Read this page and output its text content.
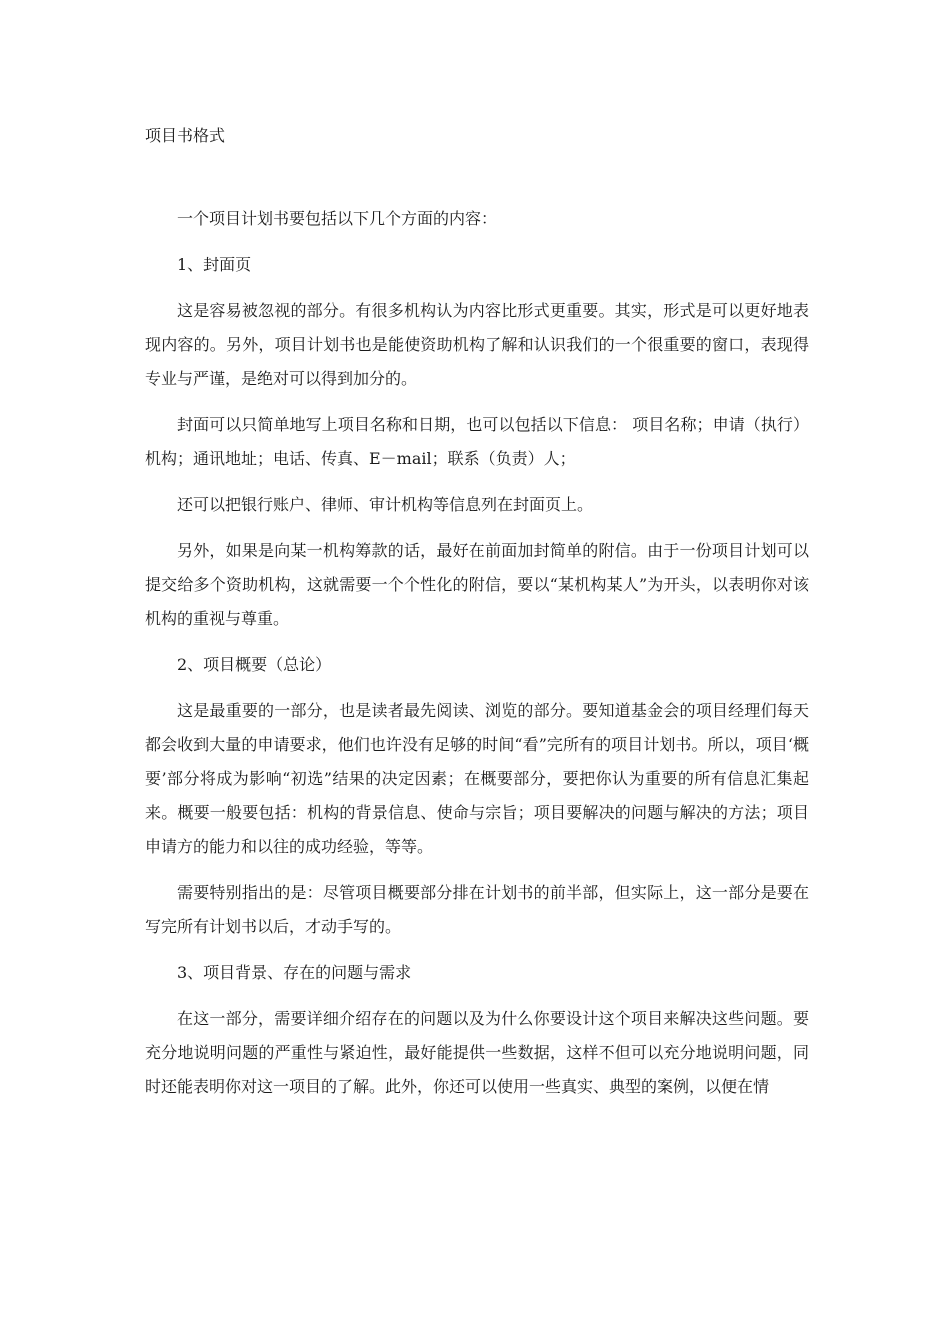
项目书格式

一个项目计划书要包括以下几个方面的内容：

1、封面页

这是容易被忽视的部分。有很多机构认为内容比形式更重要。其实，形式是可以更好地表现内容的。另外，项目计划书也是能使资助机构了解和认识我们的一个很重要的窗口，表现得专业与严谨，是绝对可以得到加分的。

封面可以只简单地写上项目名称和日期，也可以包括以下信息： 项目名称；申请（执行）机构；通讯地址；电话、传真、E－mail；联系（负责）人；

还可以把银行账户、律师、审计机构等信息列在封面页上。

另外，如果是向某一机构筹款的话，最好在前面加封简单的附信。由于一份项目计划可以提交给多个资助机构，这就需要一个个性化的附信，要以“某机构某人”为开头，以表明你对该机构的重视与尊重。

2、项目概要（总论）

这是最重要的一部分，也是读者最先阅读、浏览的部分。要知道基金会的项目经理们每天都会收到大量的申请要求，他们也许没有足够的时间“看”完所有的项目计划书。所以，项目‘概要’部分将成为影响“初选”结果的决定因素；在概要部分，要把你认为重要的所有信息汇集起来。概要一般要包括：机构的背景信息、使命与宗旨；项目要解决的问题与解决的方法；项目申请方的能力和以往的成功经验，等等。

需要特别指出的是：尽管项目概要部分排在计划书的前半部，但实际上，这一部分是要在写完所有计划书以后，才动手写的。

3、项目背景、存在的问题与需求

在这一部分，需要详细介绍存在的问题以及为什么你要设计这个项目来解决这些问题。要充分地说明问题的严重性与紧迫性，最好能提供一些数据，这样不但可以充分地说明问题，同时还能表明你对这一项目的了解。此外，你还可以使用一些真实、典型的案例，以便在情
